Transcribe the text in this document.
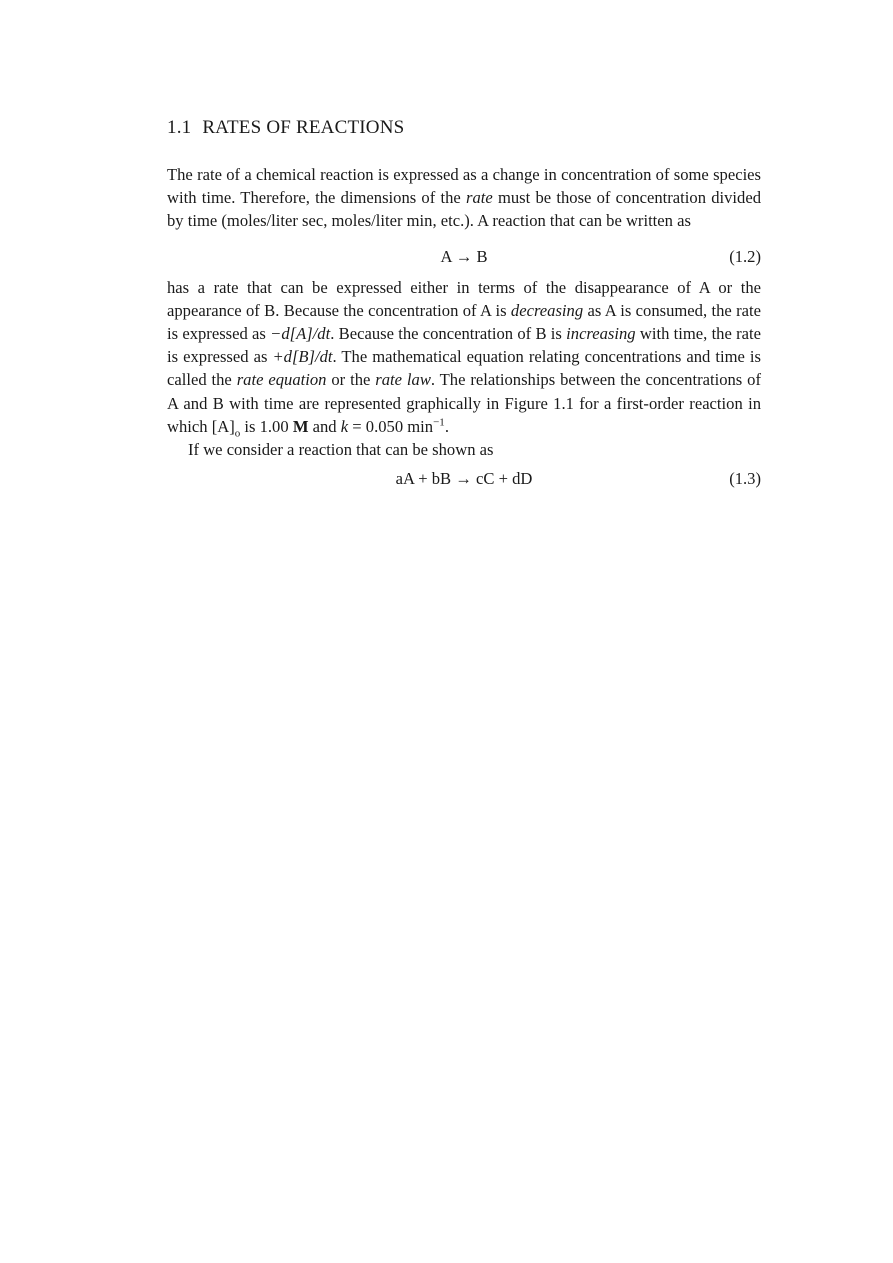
1.1 RATES OF REACTIONS

The rate of a chemical reaction is expressed as a change in concentration of some species with time. Therefore, the dimensions of the rate must be those of concentration divided by time (moles/liter sec, moles/liter min, etc.). A reaction that can be written as

A → B	(1.2)

has a rate that can be expressed either in terms of the disappearance of A or the appearance of B. Because the concentration of A is decreasing as A is consumed, the rate is expressed as −d[A]/dt. Because the concentration of B is increasing with time, the rate is expressed as +d[B]/dt. The mathematical equation relating concentrations and time is called the rate equation or the rate law. The relationships between the concentrations of A and B with time are represented graphically in Figure 1.1 for a first-order reaction in which $[A]_o$ is 1.00 M and k = 0.050 $\min^{-1}$.

If we consider a reaction that can be shown as

aA + bB → cC + dD	(1.3)
